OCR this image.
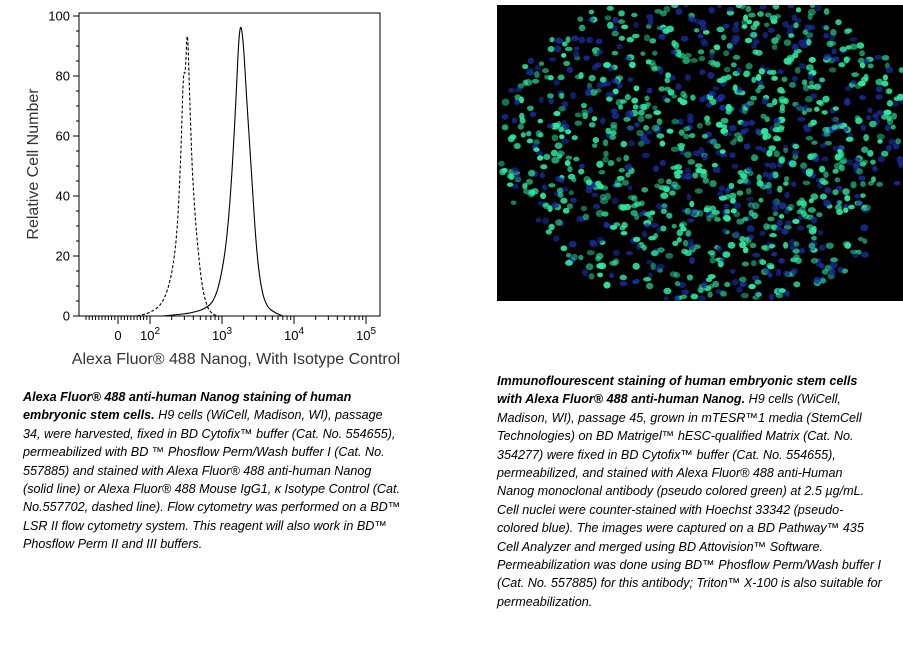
0
20
40
60
80
100
0 $10^2$	$10^3$	$10^4$	$10^5$
Relative Cell Number
Alexa Fluor® 488 Nanog, With Isotype Control
Alexa Fluor® 488 anti-human Nanog staining of human embryonic stem cells. H9 cells (WiCell, Madison, WI), passage 34, were harvested, fixed in BD Cytofix™ buffer (Cat. No. 554655), permeabilized with BD ™ Phosflow Perm/Wash buffer I (Cat. No. 557885) and stained with Alexa Fluor® 488 anti-human Nanog (solid line) or Alexa Fluor® 488 Mouse IgG1, κ Isotype Control (Cat. No.557702, dashed line). Flow cytometry was performed on a BD™ LSR II flow cytometry system. This reagent will also work in BD™ Phosflow Perm II and III buffers.
Immunoflourescent staining of human embryonic stem cells with Alexa Fluor® 488 anti-human Nanog. H9 cells (WiCell, Madison, WI), passage 45, grown in mTESR™1 media (StemCell Technologies) on BD Matrigel™ hESC-qualified Matrix (Cat. No. 354277) were fixed in BD Cytofix™ buffer (Cat. No. 554655), permeabilized, and stained with Alexa Fluor® 488 anti-Human Nanog monoclonal antibody (pseudo colored green) at 2.5 µg/mL. Cell nuclei were counter-stained with Hoechst 33342 (pseudo-colored blue). The images were captured on a BD Pathway™ 435 Cell Analyzer and merged using BD Attovision™ Software. Permeabilization was done using BD™ Phosflow Perm/Wash buffer I (Cat. No. 557885) for this antibody; Triton™ X-100 is also suitable for permeabilization.
